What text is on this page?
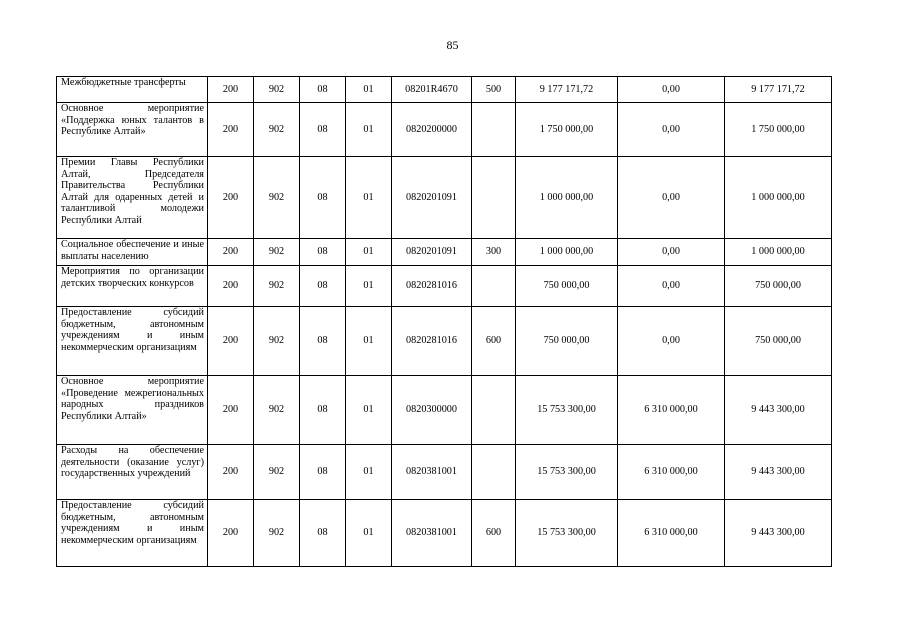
85
Межбюджетные трансферты	200	902	08	01	08201R4670	500	9 177 171,72	0,00	9 177 171,72
Основное мероприятие «Поддержка юных талантов в Республике Алтай»	200	902	08	01	0820200000		1 750 000,00	0,00	1 750 000,00
Премии Главы Республики Алтай, Председателя Правительства Республики Алтай для одаренных детей и талантливой молодежи Республики Алтай	200	902	08	01	0820201091		1 000 000,00	0,00	1 000 000,00
Социальное обеспечение и иные выплаты населению	200	902	08	01	0820201091	300	1 000 000,00	0,00	1 000 000,00
Мероприятия по организации детских творческих конкурсов	200	902	08	01	0820281016		750 000,00	0,00	750 000,00
Предоставление субсидий бюджетным, автономным учреждениям и иным некоммерческим организациям	200	902	08	01	0820281016	600	750 000,00	0,00	750 000,00
Основное мероприятие «Проведение межрегиональных народных праздников Республики Алтай»	200	902	08	01	0820300000		15 753 300,00	6 310 000,00	9 443 300,00
Расходы на обеспечение деятельности (оказание услуг) государственных учреждений	200	902	08	01	0820381001		15 753 300,00	6 310 000,00	9 443 300,00
Предоставление субсидий бюджетным, автономным учреждениям и иным некоммерческим организациям	200	902	08	01	0820381001	600	15 753 300,00	6 310 000,00	9 443 300,00
